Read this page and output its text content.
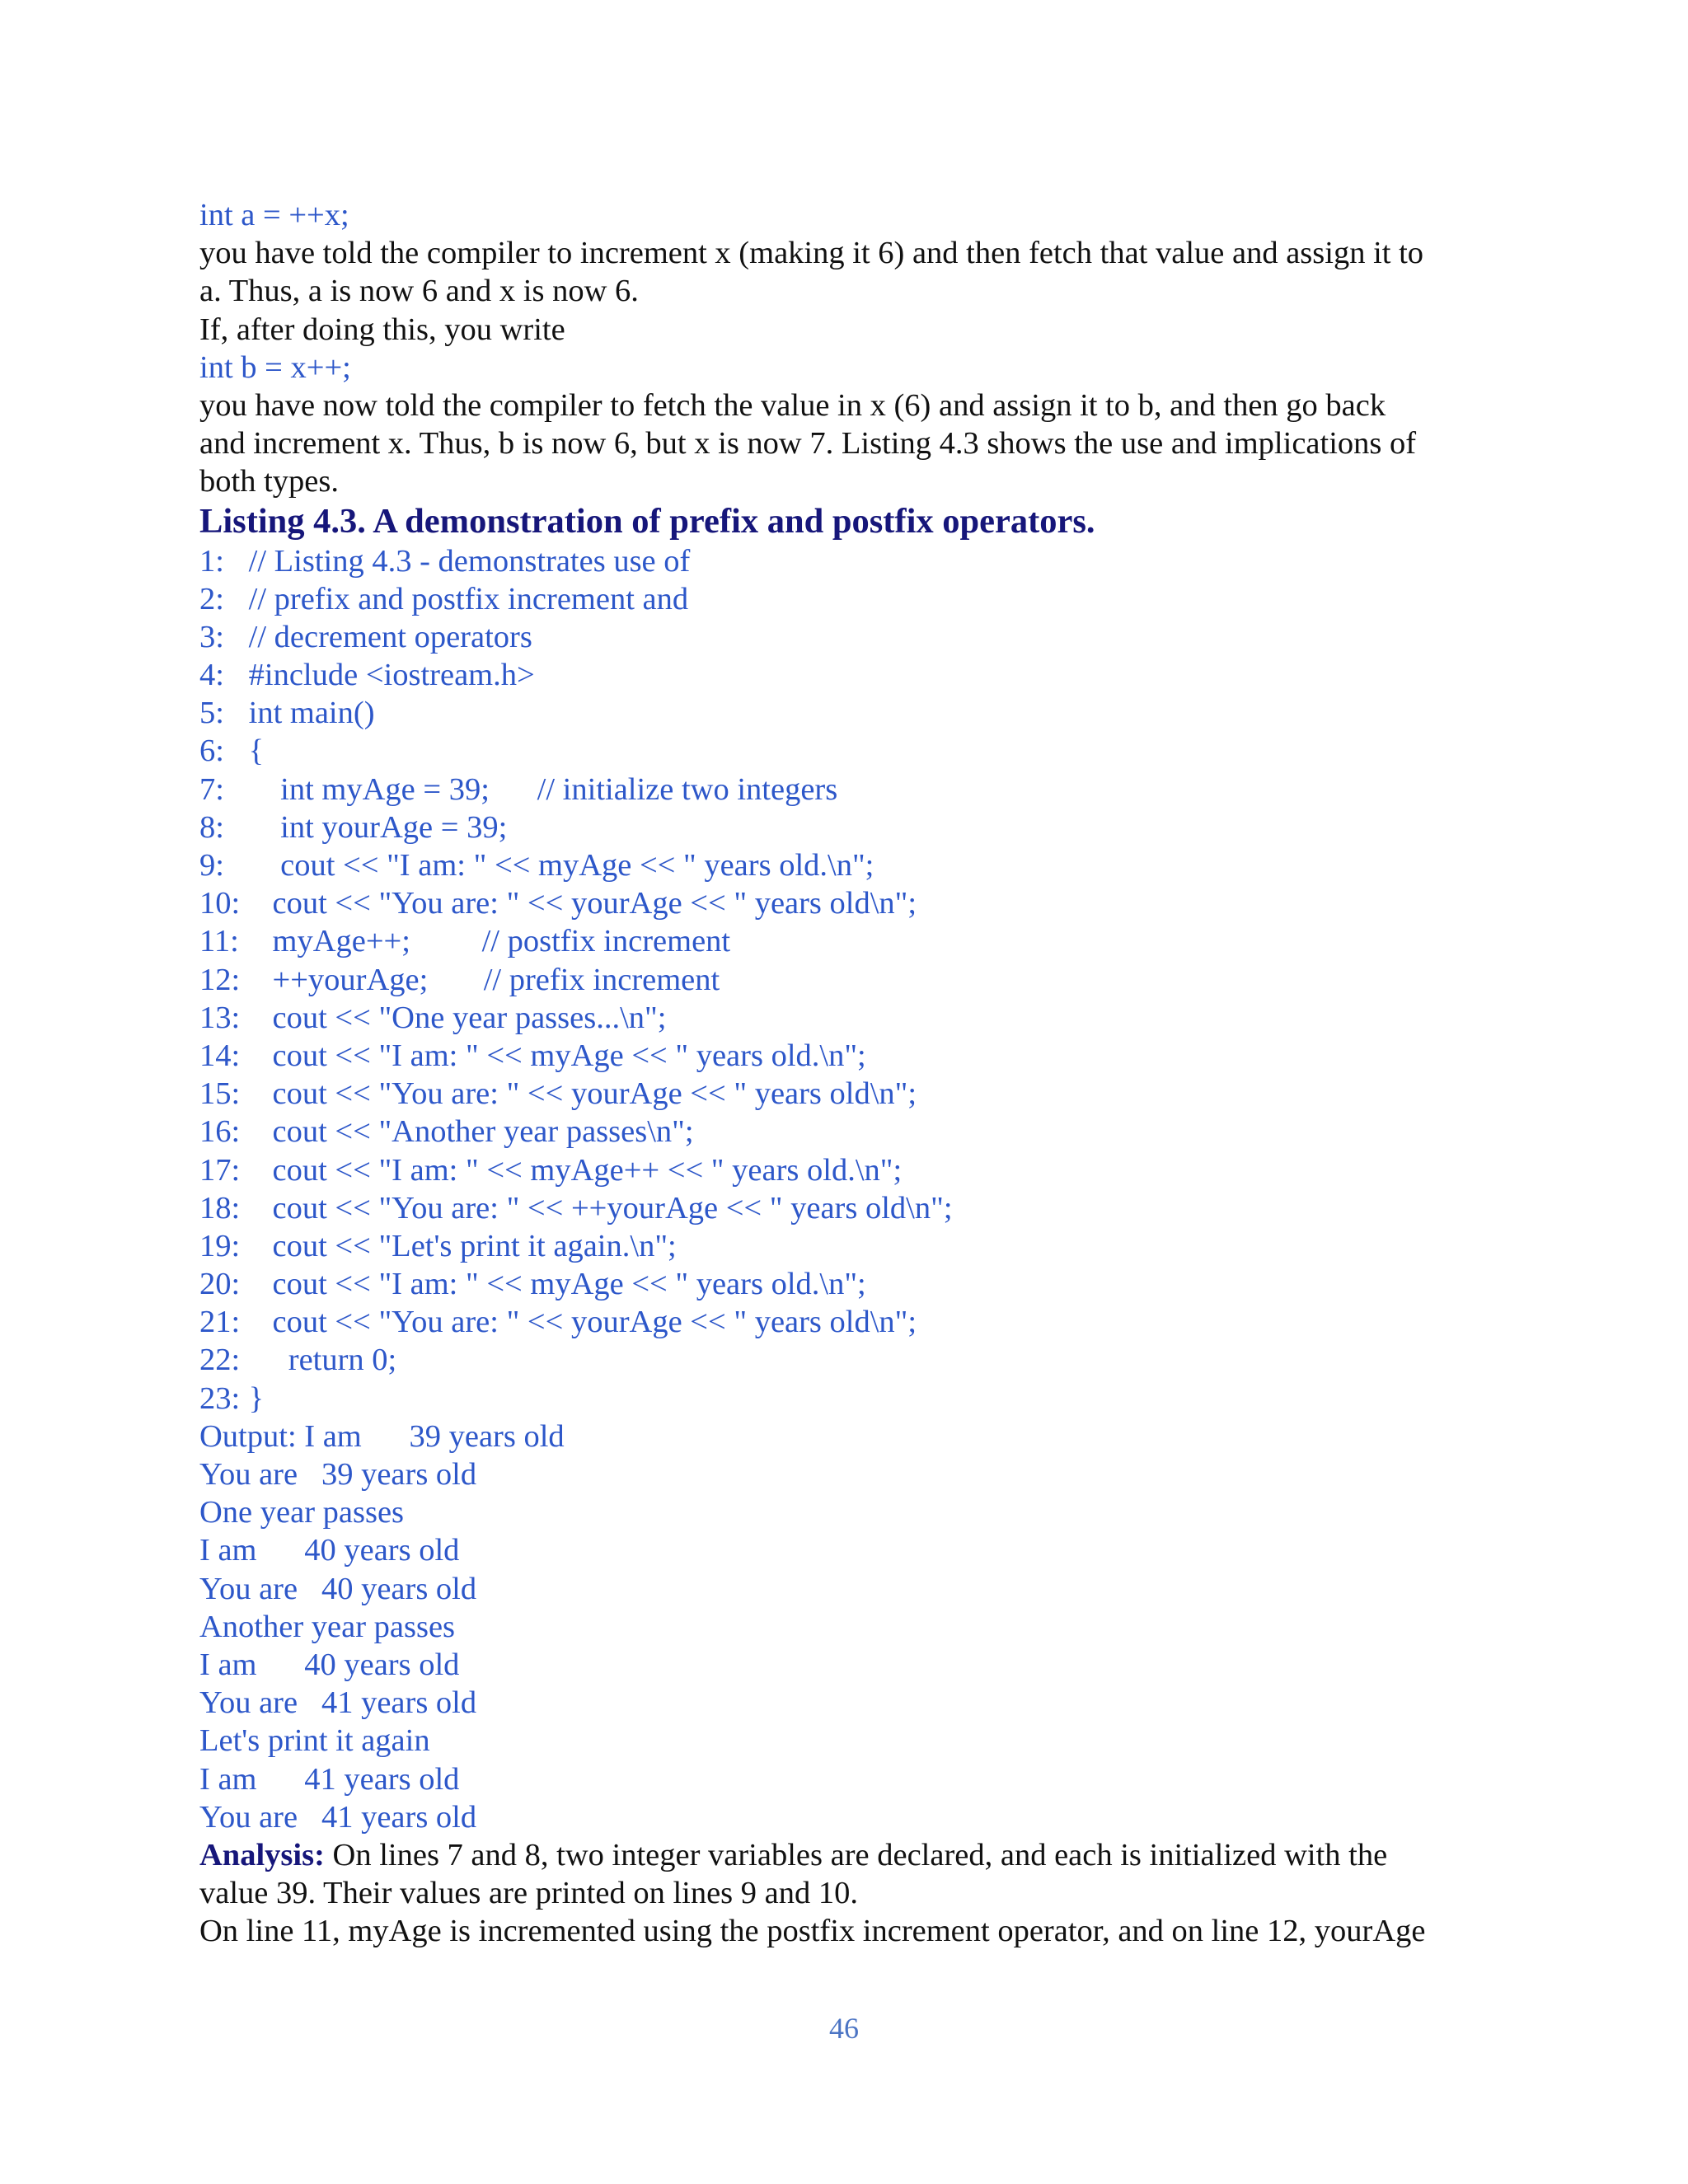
int a = ++x;
you have told the compiler to increment x (making it 6) and then fetch that value and assign it to
a. Thus, a is now 6 and x is now 6.
If, after doing this, you write
int b = x++;
you have now told the compiler to fetch the value in x (6) and assign it to b, and then go back
and increment x. Thus, b is now 6, but x is now 7. Listing 4.3 shows the use and implications of
both types.
Listing 4.3. A demonstration of prefix and postfix operators.
1: // Listing 4.3 - demonstrates use of
2: // prefix and postfix increment and
3: // decrement operators
4: #include <iostream.h>
5: int main()
6: {
7:     int myAge = 39;      // initialize two integers
8:     int yourAge = 39;
9:     cout << "I am: " << myAge << " years old.\n";
10:    cout << "You are: " << yourAge << " years old\n";
11:    myAge++;         // postfix increment
12:    ++yourAge;       // prefix increment
13:    cout << "One year passes...\n";
14:    cout << "I am: " << myAge << " years old.\n";
15:    cout << "You are: " << yourAge << " years old\n";
16:    cout << "Another year passes\n";
17:    cout << "I am: " << myAge++ << " years old.\n";
18:    cout << "You are: " << ++yourAge << " years old\n";
19:    cout << "Let's print it again.\n";
20:    cout << "I am: " << myAge << " years old.\n";
21:    cout << "You are: " << yourAge << " years old\n";
22:      return 0;
23: }
Output: I am      39 years old
You are   39 years old
One year passes
I am      40 years old
You are   40 years old
Another year passes
I am      40 years old
You are   41 years old
Let's print it again
I am      41 years old
You are   41 years old
Analysis: On lines 7 and 8, two integer variables are declared, and each is initialized with the
value 39. Their values are printed on lines 9 and 10.
On line 11, myAge is incremented using the postfix increment operator, and on line 12, yourAge
46
